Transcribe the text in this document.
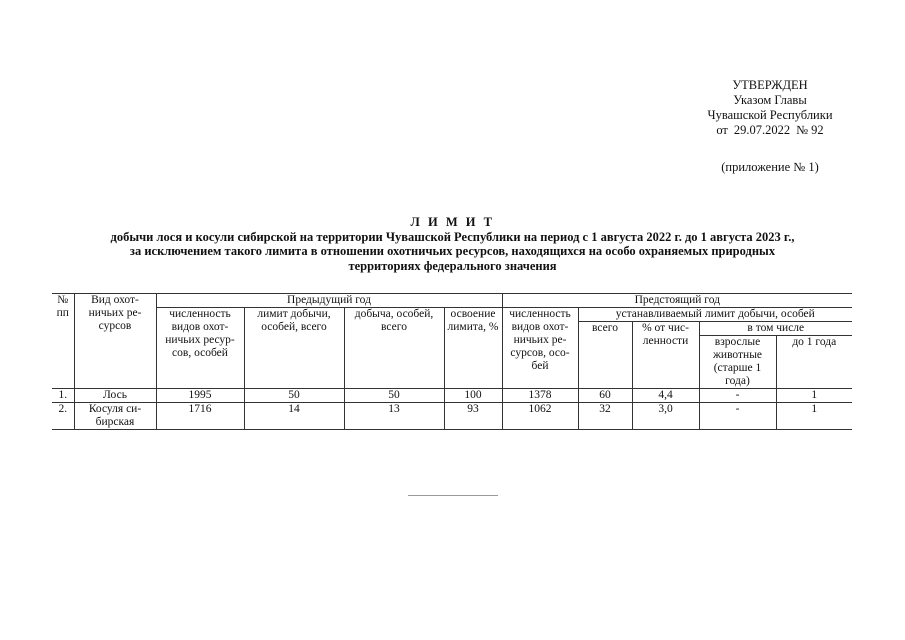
УТВЕРЖДЕН
Указом Главы
Чувашской Республики
от 29.07.2022 № 92
(приложение № 1)
Л И М И Т
добычи лося и косули сибирской на территории Чувашской Республики на период с 1 августа 2022 г. до 1 августа 2023 г.,
за исключением такого лимита в отношении охотничьих ресурсов, находящихся на особо охраняемых природных
территориях федерального значения
№ пп	Вид охот-ничьих ре-сурсов	Предыдущий год				Предстоящий год				
		численность видов охот-ничьих ресур-сов, особей	лимит добычи, особей, всего	добыча, особей, всего	освоение лимита, %	численность видов охот-ничьих ре-сурсов, осо-бей	устанавливаемый лимит добычи, особей			
							всего	% от чис-ленности	в том числе	
									взрослые животные (старше 1 года)	до 1 года
1.	Лось	1995	50	50	100	1378	60	4,4	-	1
2.	Косуля си-бирская	1716	14	13	93	1062	32	3,0	-	1
